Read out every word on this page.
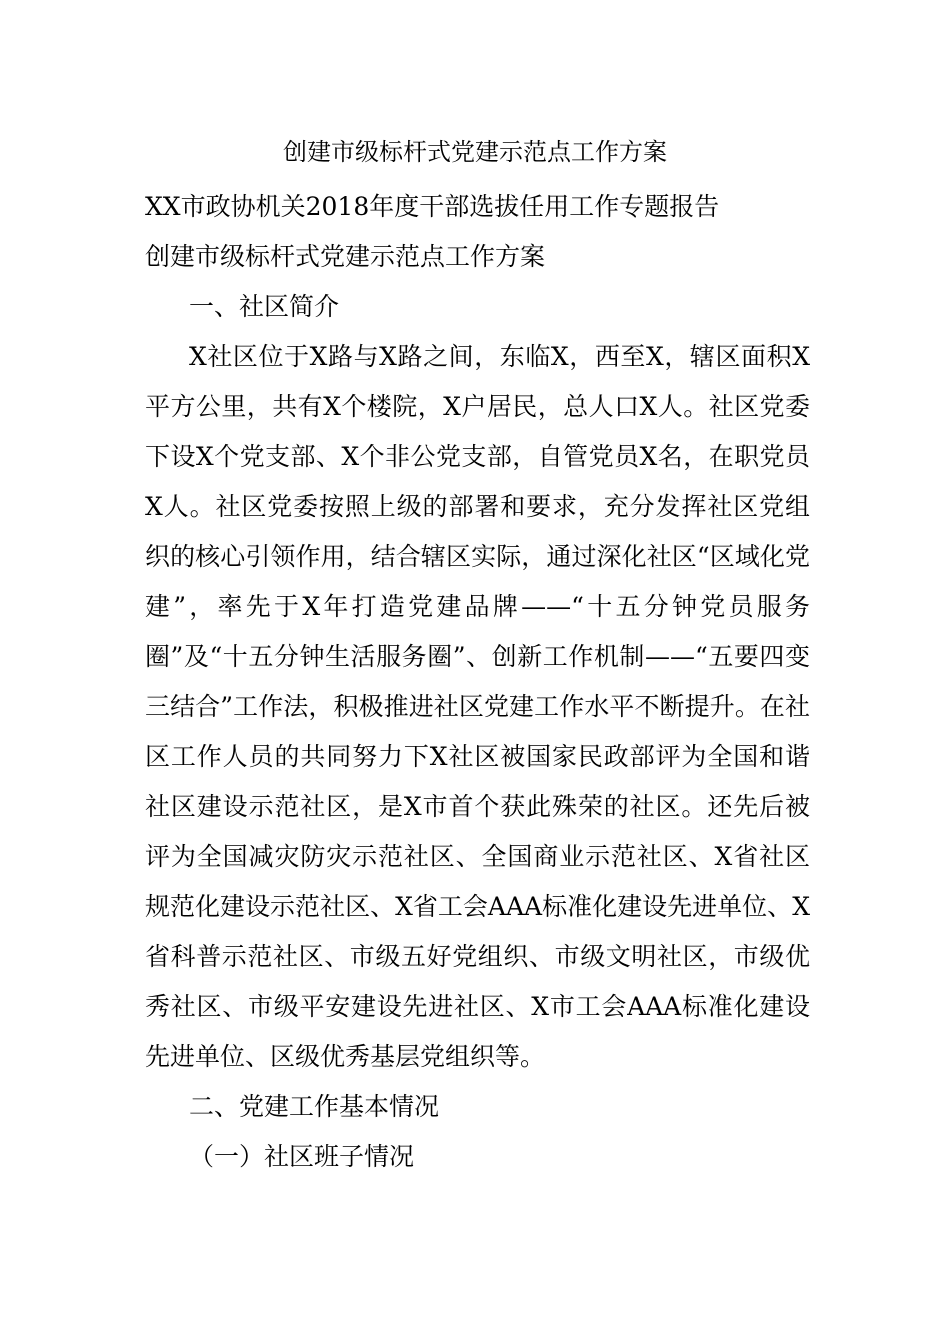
创建市级标杆式党建示范点工作方案

XX市政协机关2018年度干部选拔任用工作专题报告

创建市级标杆式党建示范点工作方案

一、社区简介

X社区位于X路与X路之间，东临X，西至X，辖区面积X平方公里，共有X个楼院，X户居民，总人口X人。社区党委下设X个党支部、X个非公党支部，自管党员X名，在职党员X人。社区党委按照上级的部署和要求，充分发挥社区党组织的核心引领作用，结合辖区实际，通过深化社区“区域化党建”，率先于X年打造党建品牌——“十五分钟党员服务圈”及“十五分钟生活服务圈”、创新工作机制——“五要四变三结合”工作法，积极推进社区党建工作水平不断提升。在社区工作人员的共同努力下X社区被国家民政部评为全国和谐社区建设示范社区，是X市首个获此殊荣的社区。还先后被评为全国减灾防灾示范社区、全国商业示范社区、X省社区规范化建设示范社区、X省工会AAA标准化建设先进单位、X省科普示范社区、市级五好党组织、市级文明社区，市级优秀社区、市级平安建设先进社区、X市工会AAA标准化建设先进单位、区级优秀基层党组织等。

二、党建工作基本情况

（一）社区班子情况
